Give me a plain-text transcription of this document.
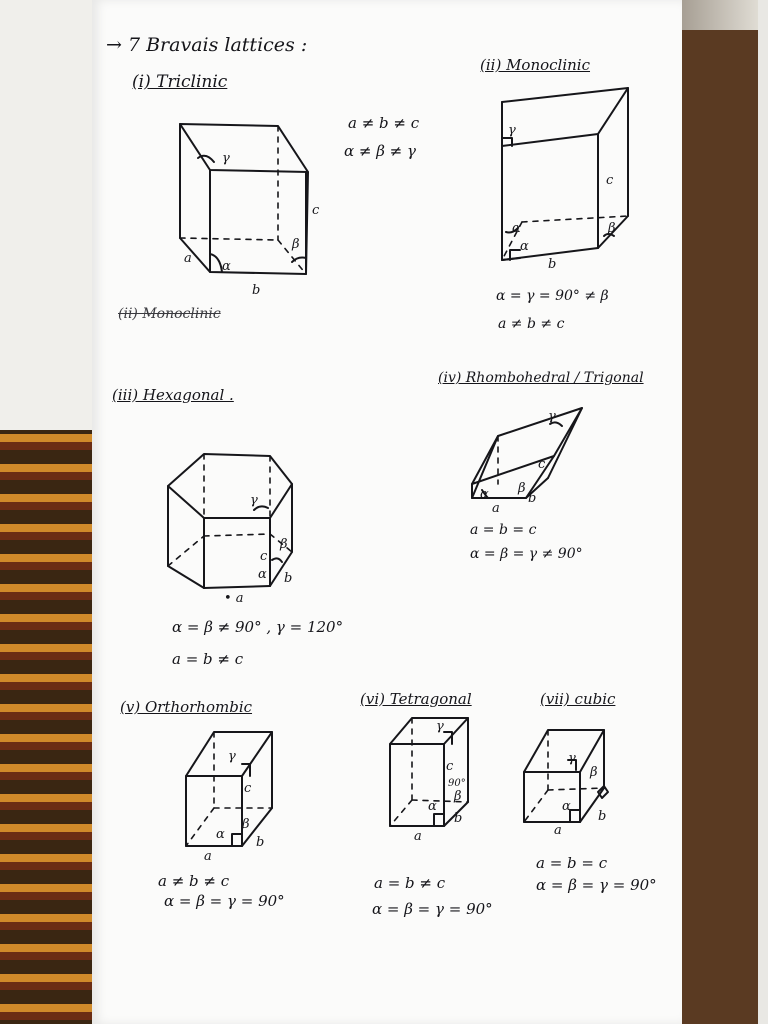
→ 7 Bravais lattices :
(i) Triclinic
a ≠ b ≠ c
α ≠ β ≠ γ
γ
c
β
α
a
b
(ii) Monoclinic
(ii) Monoclinic
γ
c
α
α
β
b
α = γ = 90° ≠ β
a ≠ b ≠ c
(iii) Hexagonal .
γ
c
β
α b
• a
α = β ≠ 90° , γ = 120°
a = b ≠ c
(iv) Rhombohedral / Trigonal
γ
c
α β
a
b
a = b = c
α = β = γ ≠ 90°
(v) Orthorhombic
γ
c
α
β
b
a
a ≠ b ≠ c
α = β = γ = 90°
(vi) Tetragonal
γ
c
90°
β
α
b
a
a = b ≠ c
α = β = γ = 90°
(vii) cubic
γ
β
α
b
a
a = b = c
α = β = γ = 90°
